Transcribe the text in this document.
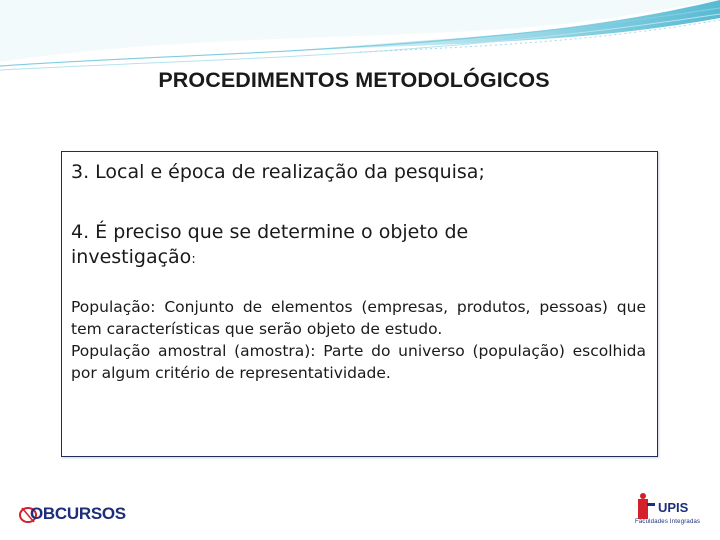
PROCEDIMENTOS METODOLÓGICOS

3. Local e época de realização da pesquisa;

4. É preciso que se determine o objeto de investigação:

População: Conjunto de elementos (empresas, produtos, pessoas) que tem características que serão objeto de estudo.

População amostral (amostra): Parte do universo (população) escolhida por algum critério de representatividade.

OBCURSOS	UPIS
Faculdades Integradas
